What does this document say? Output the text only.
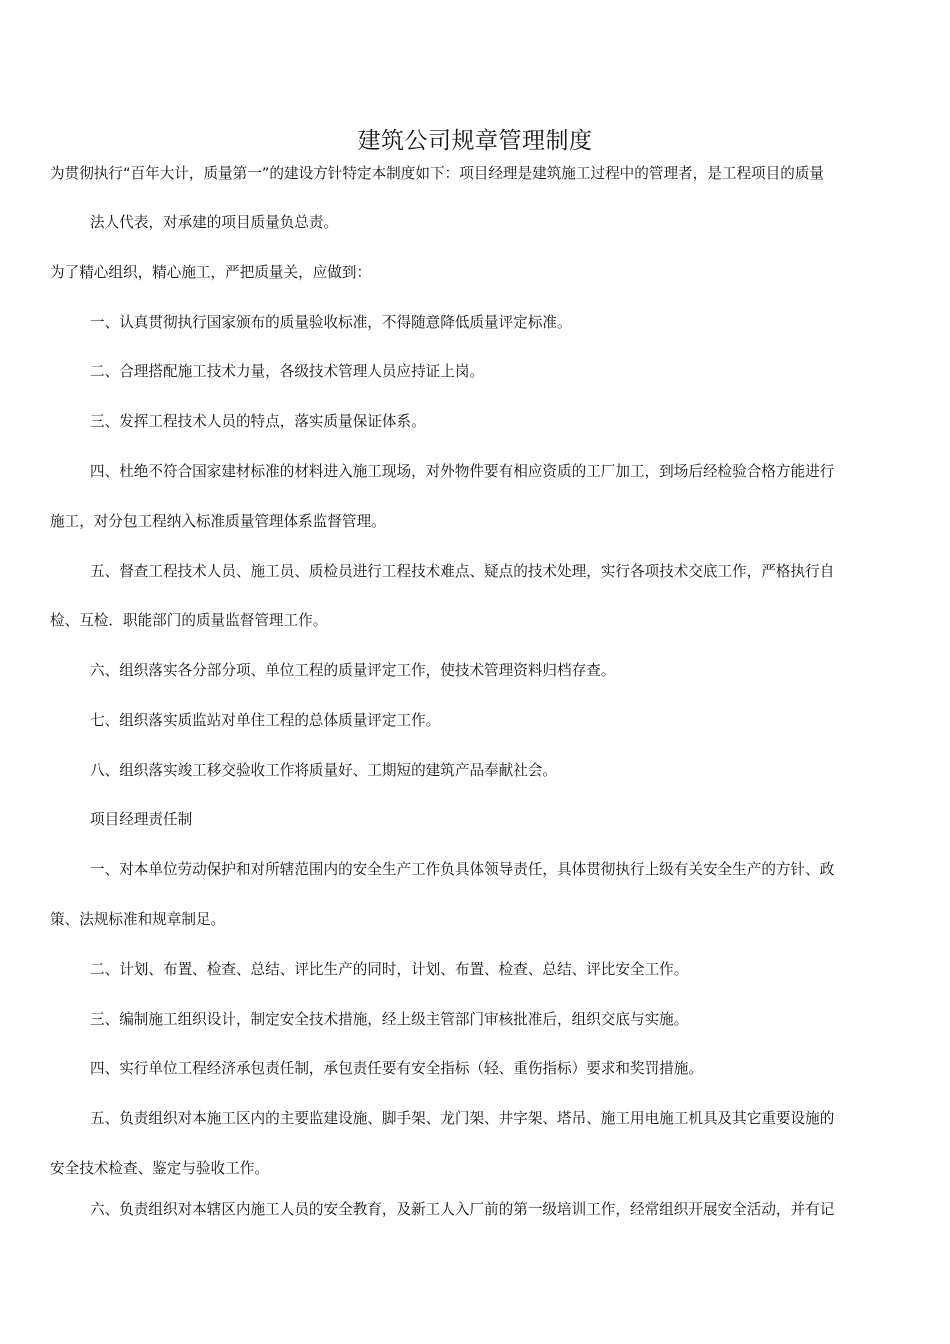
建筑公司规章管理制度
为贯彻执行“百年大计，质量第一”的建设方针特定本制度如下：项目经理是建筑施工过程中的管理者，是工程项目的质量
法人代表，对承建的项目质量负总责。
为了精心组织，精心施工，严把质量关，应做到：
一、认真贯彻执行国家颁布的质量验收标准，不得随意降低质量评定标准。
二、合理搭配施工技术力量，各级技术管理人员应持证上岗。
三、发挥工程技术人员的特点，落实质量保证体系。
四、杜绝不符合国家建材标准的材料进入施工现场，对外物件要有相应资质的工厂加工，到场后经检验合格方能进行
施工，对分包工程纳入标准质量管理体系监督管理。
五、督查工程技术人员、施工员、质检员进行工程技术难点、疑点的技术处理，实行各项技术交底工作，严格执行自
检、互检．职能部门的质量监督管理工作。
六、组织落实各分部分项、单位工程的质量评定工作，使技术管理资料归档存查。
七、组织落实质监站对单住工程的总体质量评定工作。
八、组织落实竣工移交验收工作将质量好、工期短的建筑产品奉献社会。
项目经理责任制
一、对本单位劳动保护和对所辖范围内的安全生产工作负具体领导责任，具体贯彻执行上级有关安全生产的方针、政
策、法规标准和规章制足。
二、计划、布置、检查、总结、评比生产的同时，计划、布置、检查、总结、评比安全工作。
三、编制施工组织设计，制定安全技术措施，经上级主管部门审核批准后，组织交底与实施。
四、实行单位工程经济承包责任制，承包责任要有安全指标（轻、重伤指标）要求和奖罚措施。
五、负责组织对本施工区内的主要监建设施、脚手架、龙门架、井字架、塔吊、施工用电施工机具及其它重要设施的
安全技术检查、鉴定与验收工作。
六、负责组织对本辖区内施工人员的安全教育，及新工人入厂前的第一级培训工作，经常组织开展安全活动，并有记
